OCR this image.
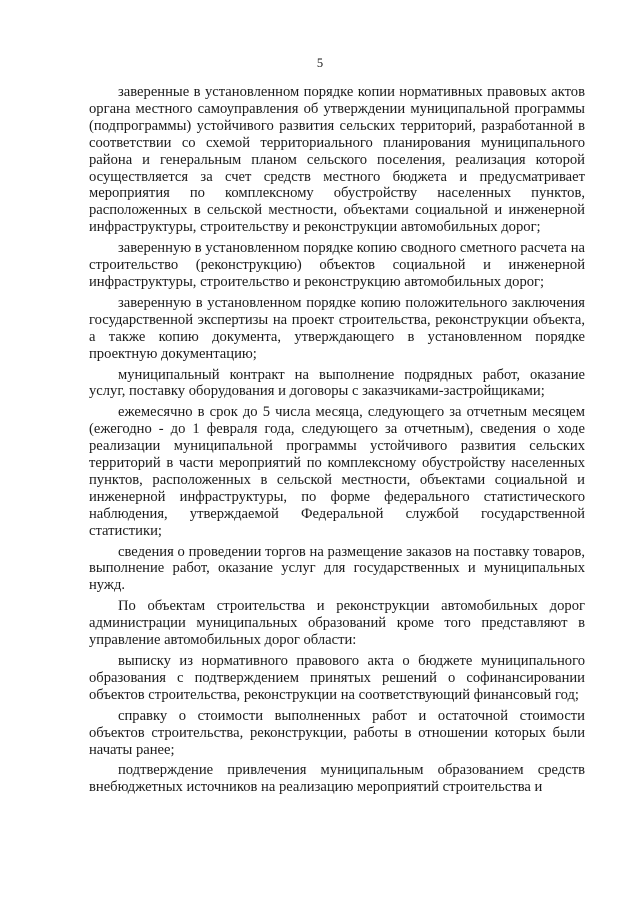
5

заверенные в установленном порядке копии нормативных правовых актов органа местного самоуправления об утверждении муниципальной программы (подпрограммы) устойчивого развития сельских территорий, разработанной в соответствии со схемой территориального планирования муниципального района и генеральным планом сельского поселения, реализация которой осуществляется за счет средств местного бюджета и предусматривает мероприятия по комплексному обустройству населенных пунктов, расположенных в сельской местности, объектами социальной и инженерной инфраструктуры, строительству и реконструкции автомобильных дорог;

заверенную в установленном порядке копию сводного сметного расчета на строительство (реконструкцию) объектов социальной и инженерной инфраструктуры, строительство и реконструкцию автомобильных дорог;

заверенную в установленном порядке копию положительного заключения государственной экспертизы на проект строительства, реконструкции объекта, а также копию документа, утверждающего в установленном порядке проектную документацию;

муниципальный контракт на выполнение подрядных работ, оказание услуг, поставку оборудования и договоры с заказчиками-застройщиками;

ежемесячно в срок до 5 числа месяца, следующего за отчетным месяцем (ежегодно - до 1 февраля года, следующего за отчетным), сведения о ходе реализации муниципальной программы устойчивого развития сельских территорий в части мероприятий по комплексному обустройству населенных пунктов, расположенных в сельской местности, объектами социальной и инженерной инфраструктуры, по форме федерального статистического наблюдения, утверждаемой Федеральной службой государственной статистики;

сведения о проведении торгов на размещение заказов на поставку товаров, выполнение работ, оказание услуг для государственных и муниципальных нужд.

По объектам строительства и реконструкции автомобильных дорог администрации муниципальных образований кроме того представляют в управление автомобильных дорог области:

выписку из нормативного правового акта о бюджете муниципального образования с подтверждением принятых решений о софинансировании объектов строительства, реконструкции на соответствующий финансовый год;

справку о стоимости выполненных работ и остаточной стоимости объектов строительства, реконструкции, работы в отношении которых были начаты ранее;

подтверждение привлечения муниципальным образованием средств внебюджетных источников на реализацию мероприятий строительства и
